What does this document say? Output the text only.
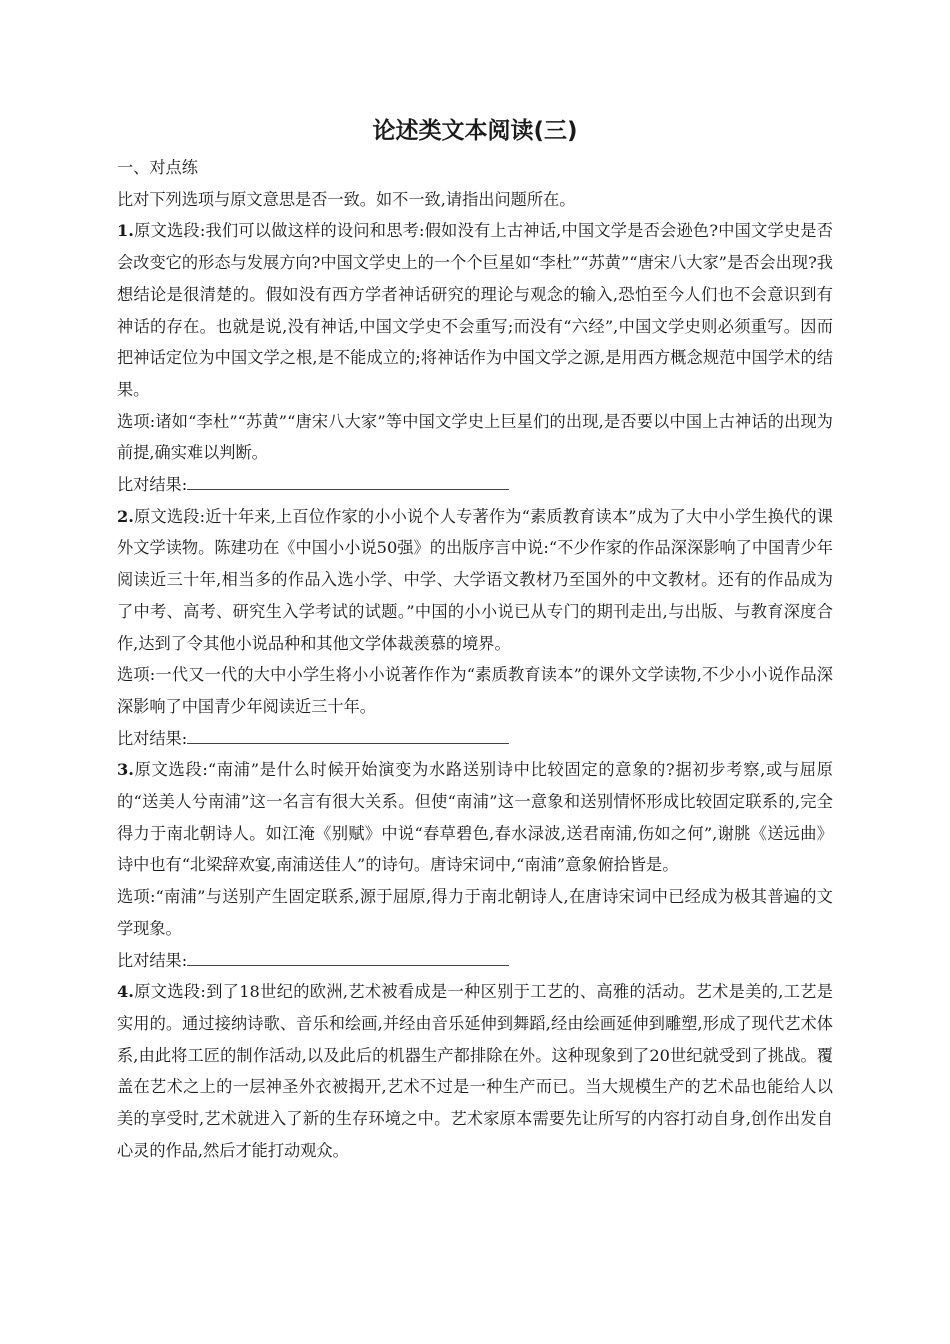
论述类文本阅读(三)

一、对点练

比对下列选项与原文意思是否一致。如不一致,请指出问题所在。

1.原文选段:我们可以做这样的设问和思考:假如没有上古神话,中国文学是否会逊色?中国文学史是否会改变它的形态与发展方向?中国文学史上的一个个巨星如“李杜”“苏黄”“唐宋八大家”是否会出现?我想结论是很清楚的。假如没有西方学者神话研究的理论与观念的输入,恐怕至今人们也不会意识到有神话的存在。也就是说,没有神话,中国文学史不会重写;而没有“六经”,中国文学史则必须重写。因而把神话定位为中国文学之根,是不能成立的;将神话作为中国文学之源,是用西方概念规范中国学术的结果。

选项:诸如“李杜”“苏黄”“唐宋八大家”等中国文学史上巨星们的出现,是否要以中国上古神话的出现为前提,确实难以判断。

比对结果:

2.原文选段:近十年来,上百位作家的小小说个人专著作为“素质教育读本”成为了大中小学生换代的课外文学读物。陈建功在《中国小小说50强》的出版序言中说:“不少作家的作品深深影响了中国青少年阅读近三十年,相当多的作品入选小学、中学、大学语文教材乃至国外的中文教材。还有的作品成为了中考、高考、研究生入学考试的试题。”中国的小小说已从专门的期刊走出,与出版、与教育深度合作,达到了令其他小说品种和其他文学体裁羡慕的境界。

选项:一代又一代的大中小学生将小小说著作作为“素质教育读本”的课外文学读物,不少小小说作品深深影响了中国青少年阅读近三十年。

比对结果:

3.原文选段:“南浦”是什么时候开始演变为水路送别诗中比较固定的意象的?据初步考察,或与屈原的“送美人兮南浦”这一名言有很大关系。但使“南浦”这一意象和送别情怀形成比较固定联系的,完全得力于南北朝诗人。如江淹《别赋》中说“春草碧色,春水渌波,送君南浦,伤如之何”,谢朓《送远曲》诗中也有“北梁辞欢宴,南浦送佳人”的诗句。唐诗宋词中,“南浦”意象俯拾皆是。

选项:“南浦”与送别产生固定联系,源于屈原,得力于南北朝诗人,在唐诗宋词中已经成为极其普遍的文学现象。

比对结果:

4.原文选段:到了18世纪的欧洲,艺术被看成是一种区别于工艺的、高雅的活动。艺术是美的,工艺是实用的。通过接纳诗歌、音乐和绘画,并经由音乐延伸到舞蹈,经由绘画延伸到雕塑,形成了现代艺术体系,由此将工匠的制作活动,以及此后的机器生产都排除在外。这种现象到了20世纪就受到了挑战。覆盖在艺术之上的一层神圣外衣被揭开,艺术不过是一种生产而已。当大规模生产的艺术品也能给人以美的享受时,艺术就进入了新的生存环境之中。艺术家原本需要先让所写的内容打动自身,创作出发自心灵的作品,然后才能打动观众。
